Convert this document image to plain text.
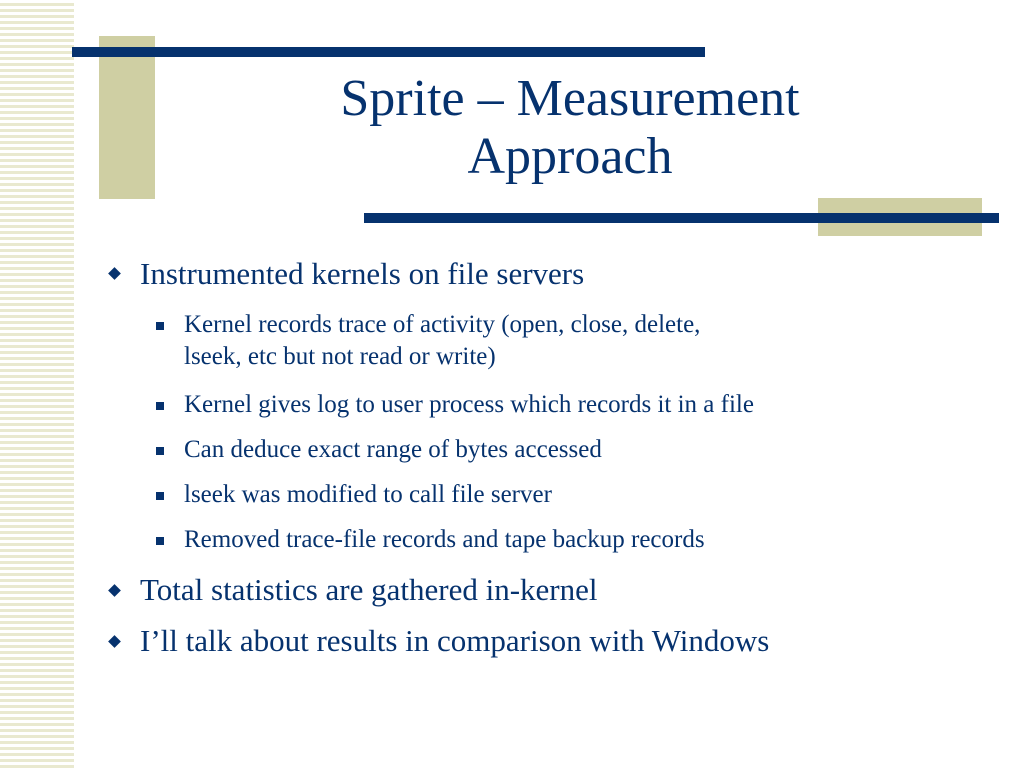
Sprite – Measurement
Approach
Instrumented kernels on file servers
Kernel records trace of activity (open, close, delete,
lseek, etc but not read or write)
Kernel gives log to user process which records it in a file
Can deduce exact range of bytes accessed
lseek was modified to call file server
Removed trace-file records and tape backup records
Total statistics are gathered in-kernel
I’ll talk about results in comparison with Windows
